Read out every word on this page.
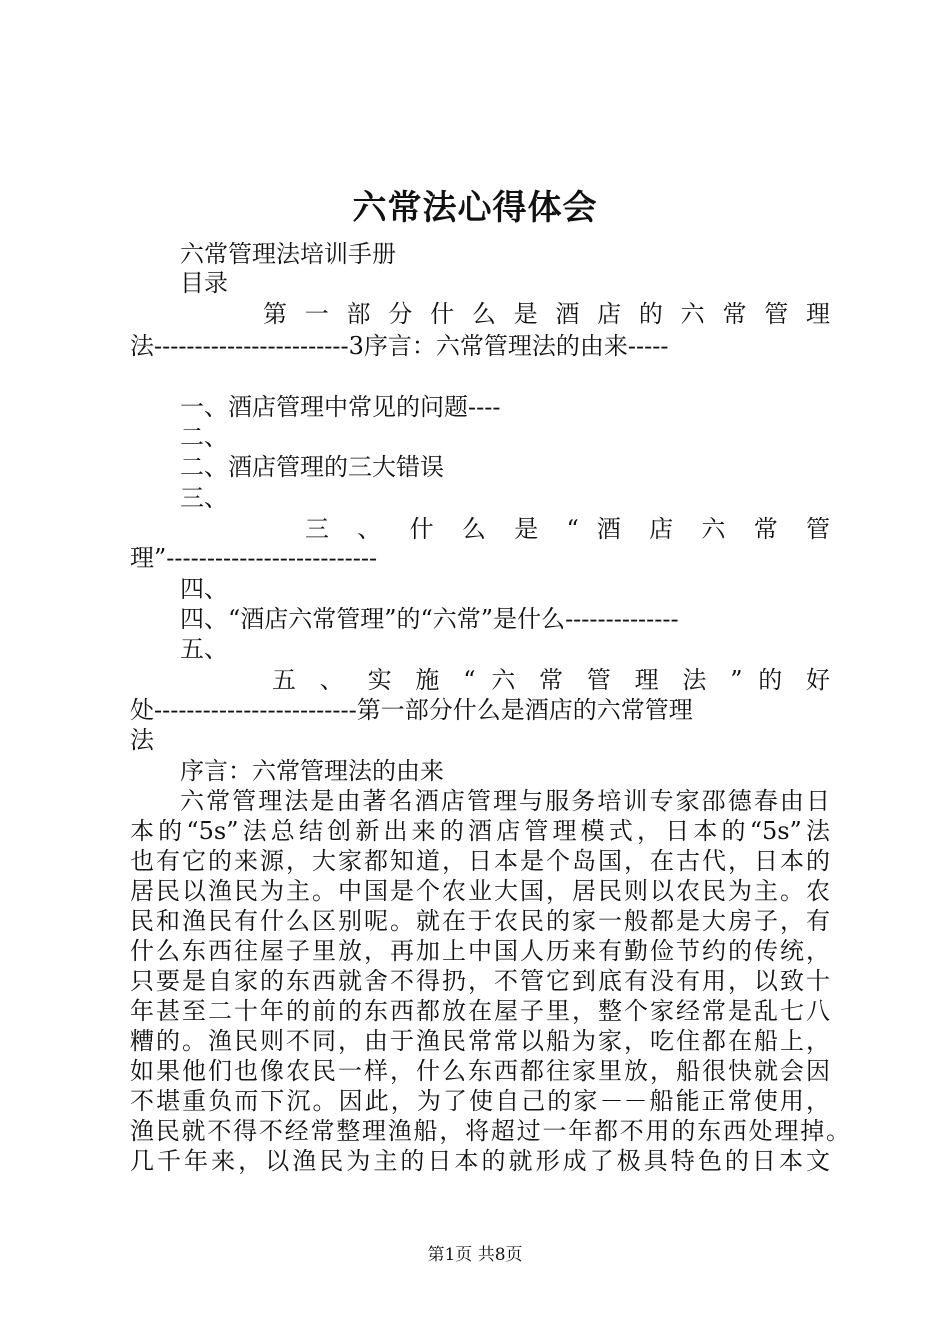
六常法心得体会
六常管理法培训手册
目录
第 一 部 分 什 么 是 酒 店 的 六 常 管 理
法------------------------3序言：六常管理法的由来-----
一、酒店管理中常见的问题----
二、
二、酒店管理的三大错误
三、
三 、 什 么 是 “ 酒 店 六 常 管
理”--------------------------
四、
四、“酒店六常管理”的“六常”是什么--------------
五、
五 、 实 施 “ 六 常 管 理 法 ” 的 好
处-------------------------第一部分什么是酒店的六常管理
法
序言：六常管理法的由来
六常管理法是由著名酒店管理与服务培训专家邵德春由日
本的“5s”法总结创新出来的酒店管理模式，日本的“5s”法
也有它的来源，大家都知道，日本是个岛国，在古代，日本的
居民以渔民为主。中国是个农业大国，居民则以农民为主。农
民和渔民有什么区别呢。就在于农民的家一般都是大房子，有
什么东西往屋子里放，再加上中国人历来有勤俭节约的传统，
只要是自家的东西就舍不得扔，不管它到底有没有用，以致十
年甚至二十年的前的东西都放在屋子里，整个家经常是乱七八
糟的。渔民则不同，由于渔民常常以船为家，吃住都在船上，
如果他们也像农民一样，什么东西都往家里放，船很快就会因
不堪重负而下沉。因此，为了使自己的家－－船能正常使用，
渔民就不得不经常整理渔船，将超过一年都不用的东西处理掉。
几千年来，以渔民为主的日本的就形成了极具特色的日本文
第1页 共8页
